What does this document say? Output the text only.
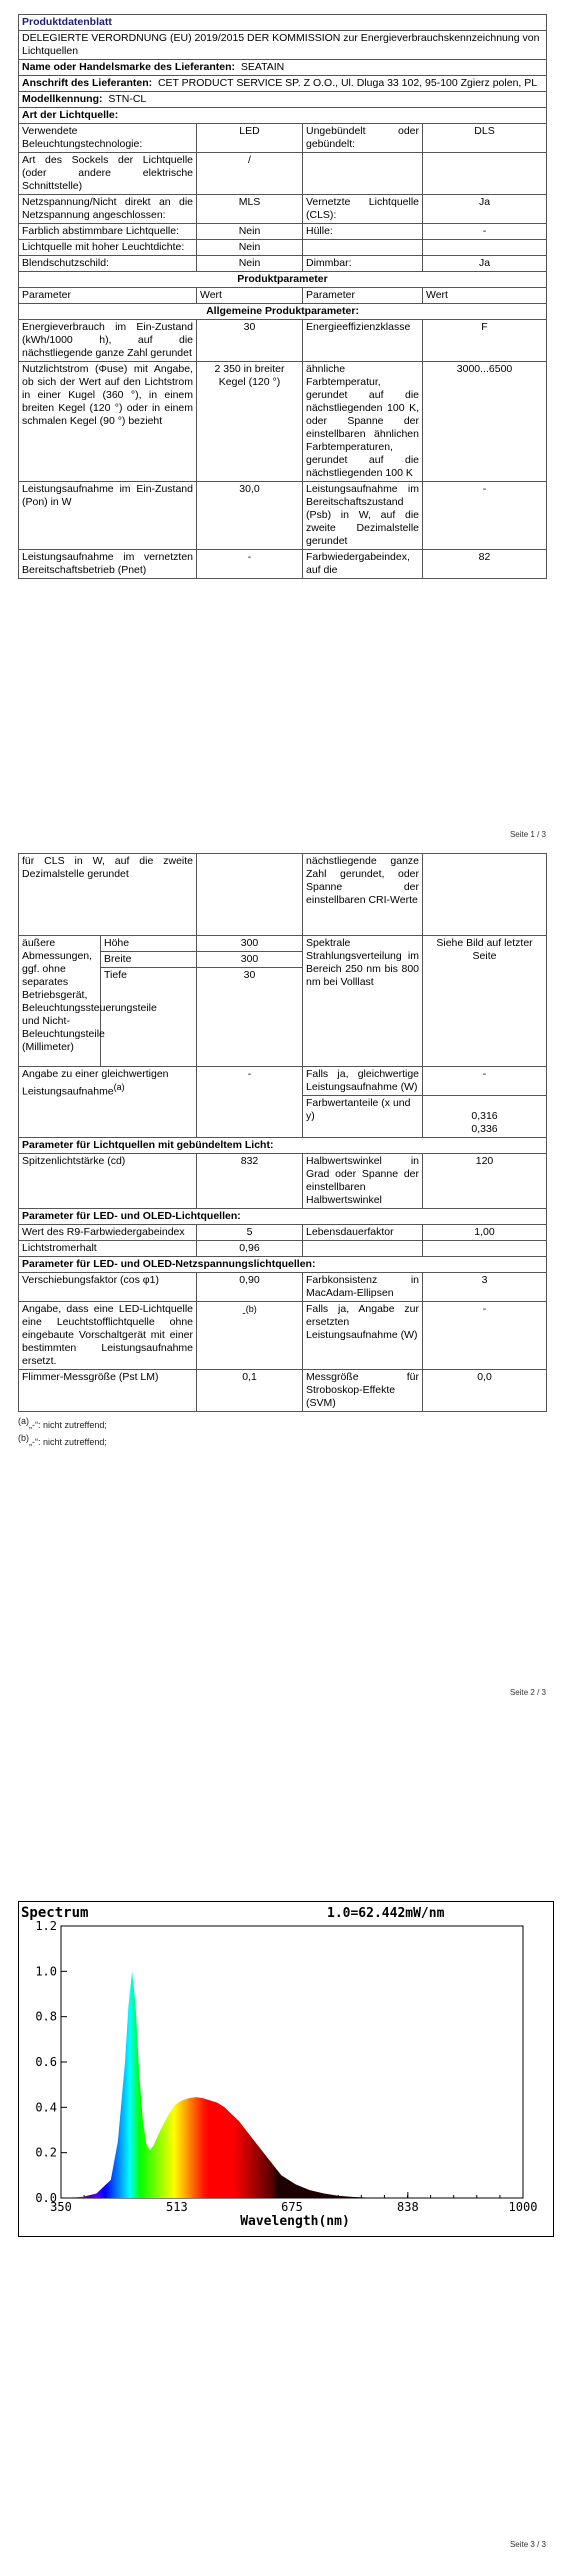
Produktdatenblatt			
DELEGIERTE VERORDNUNG (EU) 2019/2015 DER KOMMISSION zur Energieverbrauchskennzeichnung von Lichtquellen			
Name oder Handelsmarke des Lieferanten: SEATAIN			
Anschrift des Lieferanten: CET PRODUCT SERVICE SP. Z O.O., Ul. Dluga 33 102, 95-100 Zgierz polen, PL			
Modellkennung: STN-CL			
Art der Lichtquelle:			
Verwendete Beleuchtungstechnologie:	LED	Ungebündelt oder gebündelt:	DLS
Art des Sockels der Lichtquelle (oder andere elektrische Schnittstelle)	/		
Netzspannung/Nicht direkt an die Netzspannung angeschlossen:	MLS	Vernetzte Lichtquelle (CLS):	Ja
Farblich abstimmbare Lichtquelle:	Nein	Hülle:	-
Lichtquelle mit hoher Leuchtdichte:	Nein		
Blendschutzschild:	Nein	Dimmbar:	Ja
Produktparameter			
Parameter	Wert	Parameter	Wert
Allgemeine Produktparameter:			
Energieverbrauch im Ein-Zustand (kWh/1000 h), auf die nächstliegende ganze Zahl gerundet	30	Energieeffizienzklasse	F
Nutzlichtstrom (Φuse) mit Angabe, ob sich der Wert auf den Lichtstrom in einer Kugel (360 °), in einem breiten Kegel (120 °) oder in einem schmalen Kegel (90 °) bezieht	2 350 in breiter Kegel (120 °)	ähnliche Farbtemperatur, gerundet auf die nächstliegenden 100 K, oder Spanne der einstellbaren ähnlichen Farbtemperaturen, gerundet auf die nächstliegenden 100 K	3000...6500
Leistungsaufnahme im Ein-Zustand (Pon) in W	30,0	Leistungsaufnahme im Bereitschaftszustand (Psb) in W, auf die zweite Dezimalstelle gerundet	-
Leistungsaufnahme im vernetzten Bereitschaftsbetrieb (Pnet)	-	Farbwiedergabeindex, auf die	82
Seite 1 / 3
für CLS in W, auf die zweite Dezimalstelle gerundet			nächstliegende ganze Zahl gerundet, oder Spanne der einstellbaren CRI-Werte	
äußere Abmessungen, ggf. ohne separates Betriebsgerät, Beleuchtungssteuerungsteile und Nicht-Beleuchtungsteile (Millimeter)	Höhe	300	Spektrale Strahlungsverteilung im Bereich 250 nm bis 800 nm bei Volllast	Siehe Bild auf letzter Seite
	Breite	300		
	Tiefe	30		
Angabe zu einer gleichwertigen Leistungsaufnahme$^{(a)}$		-	Falls ja, gleichwertige Leistungsaufnahme (W)	-
			Farbwertanteile (x und y)	0,316
0,336
Parameter für Lichtquellen mit gebündeltem Licht:				
Spitzenlichtstärke (cd)		832	Halbwertswinkel in Grad oder Spanne der einstellbaren Halbwertswinkel	120
Parameter für LED- und OLED-Lichtquellen:				
Wert des R9-Farbwiedergabeindex		5	Lebensdauerfaktor	1,00
Lichtstromerhalt		0,96		
Parameter für LED- und OLED-Netzspannungslichtquellen:				
Verschiebungsfaktor (cos φ1)		0,90	Farbkonsistenz in MacAdam-Ellipsen	3
Angabe, dass eine LED-Lichtquelle eine Leuchtstofflichtquelle ohne eingebaute Vorschaltgerät mit einer bestimmten Leistungsaufnahme ersetzt.		-$^{(b)}$	Falls ja, Angabe zur ersetzten Leistungsaufnahme (W)	-
Flimmer-Messgröße (Pst LM)		0,1	Messgröße für Stroboskop-Effekte (SVM)	0,0
$^{(a)}$„-“: nicht zutreffend;
$^{(b)}$„-“: nicht zutreffend;
Seite 2 / 3
0.0
0.2
0.4
0.6
0.8
1.0
1.2
350	513	675	838	1000
Spectrum	1.0=62.442mW/nm
Wavelength(nm)
Seite 3 / 3
